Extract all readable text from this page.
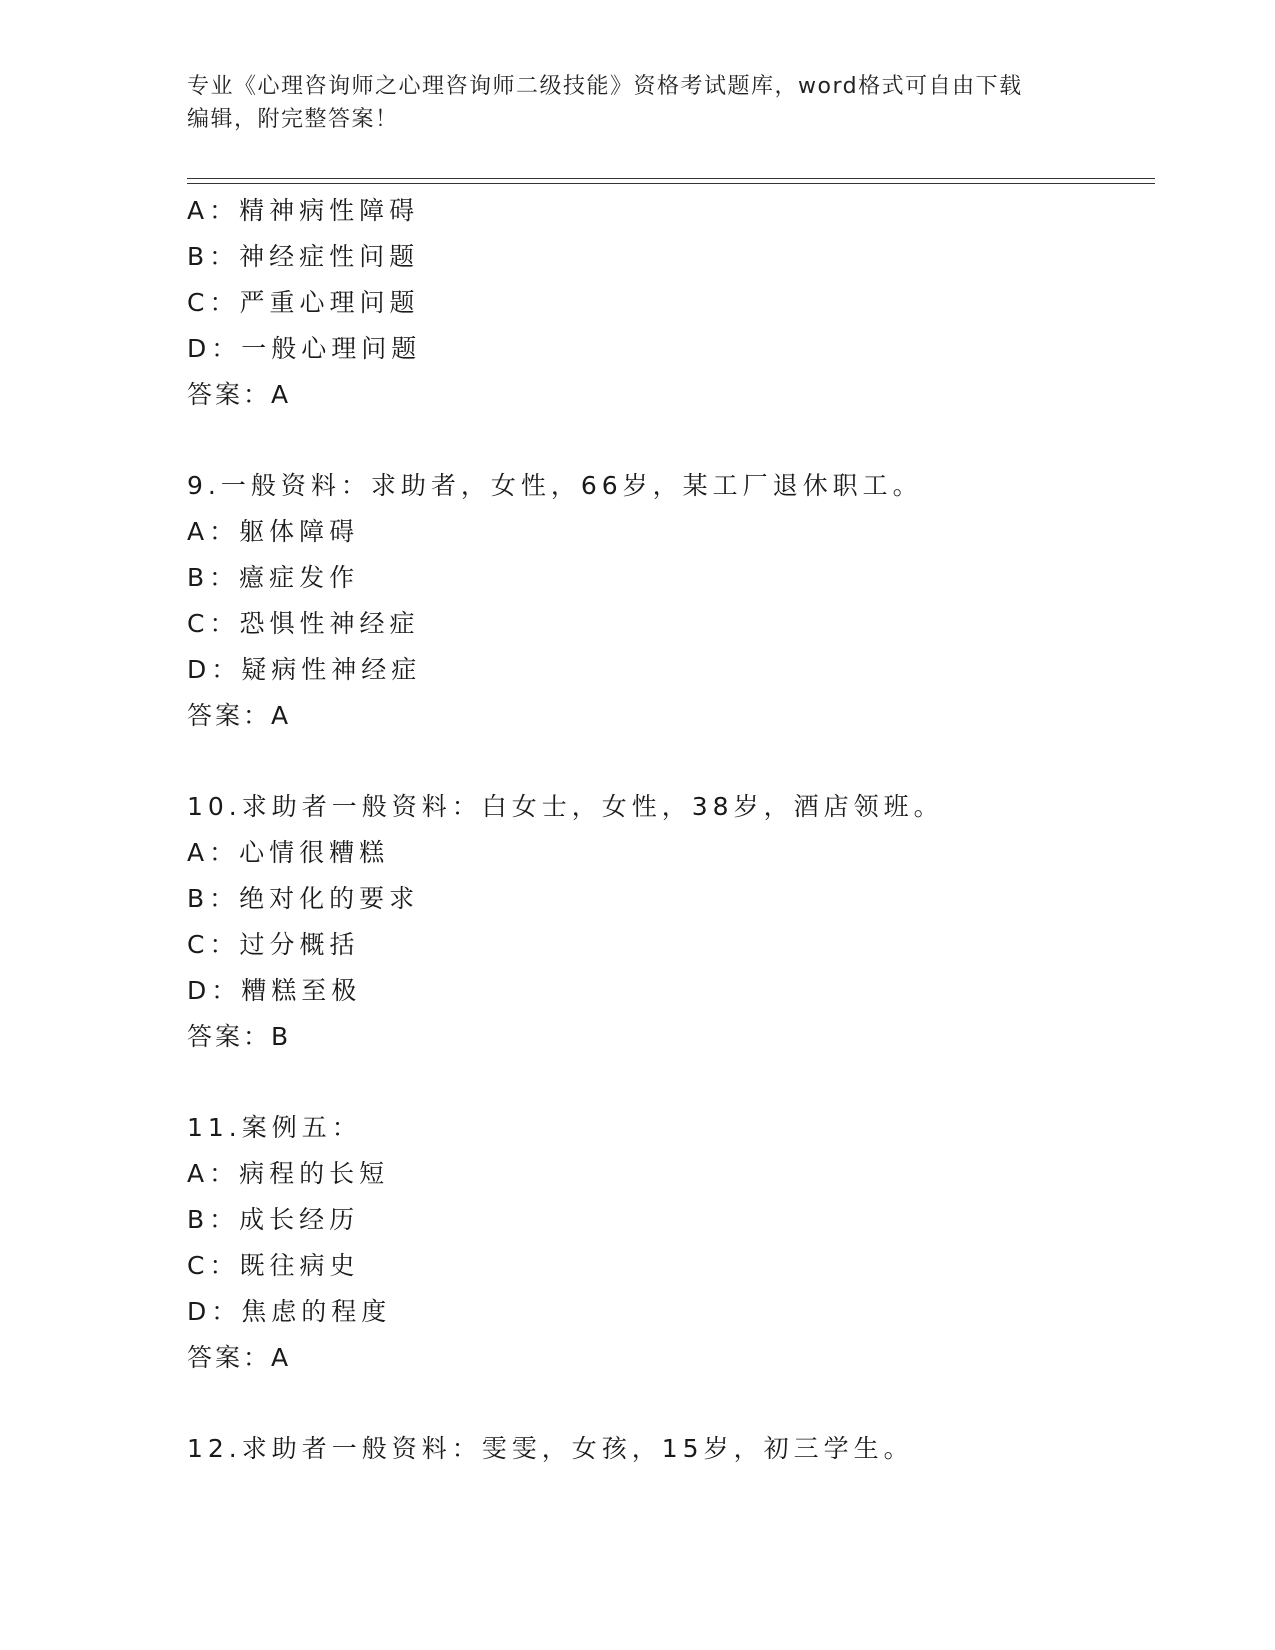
专业《心理咨询师之心理咨询师二级技能》资格考试题库，word格式可自由下载
编辑，附完整答案！
A：精神病性障碍
B：神经症性问题
C：严重心理问题
D：一般心理问题
答案：A
9.一般资料：求助者，女性，66岁，某工厂退休职工。
A：躯体障碍
B：癔症发作
C：恐惧性神经症
D：疑病性神经症
答案：A
10.求助者一般资料：白女士，女性，38岁，酒店领班。
A：心情很糟糕
B：绝对化的要求
C：过分概括
D：糟糕至极
答案：B
11.案例五：
A：病程的长短
B：成长经历
C：既往病史
D：焦虑的程度
答案：A
12.求助者一般资料：雯雯，女孩，15岁，初三学生。
